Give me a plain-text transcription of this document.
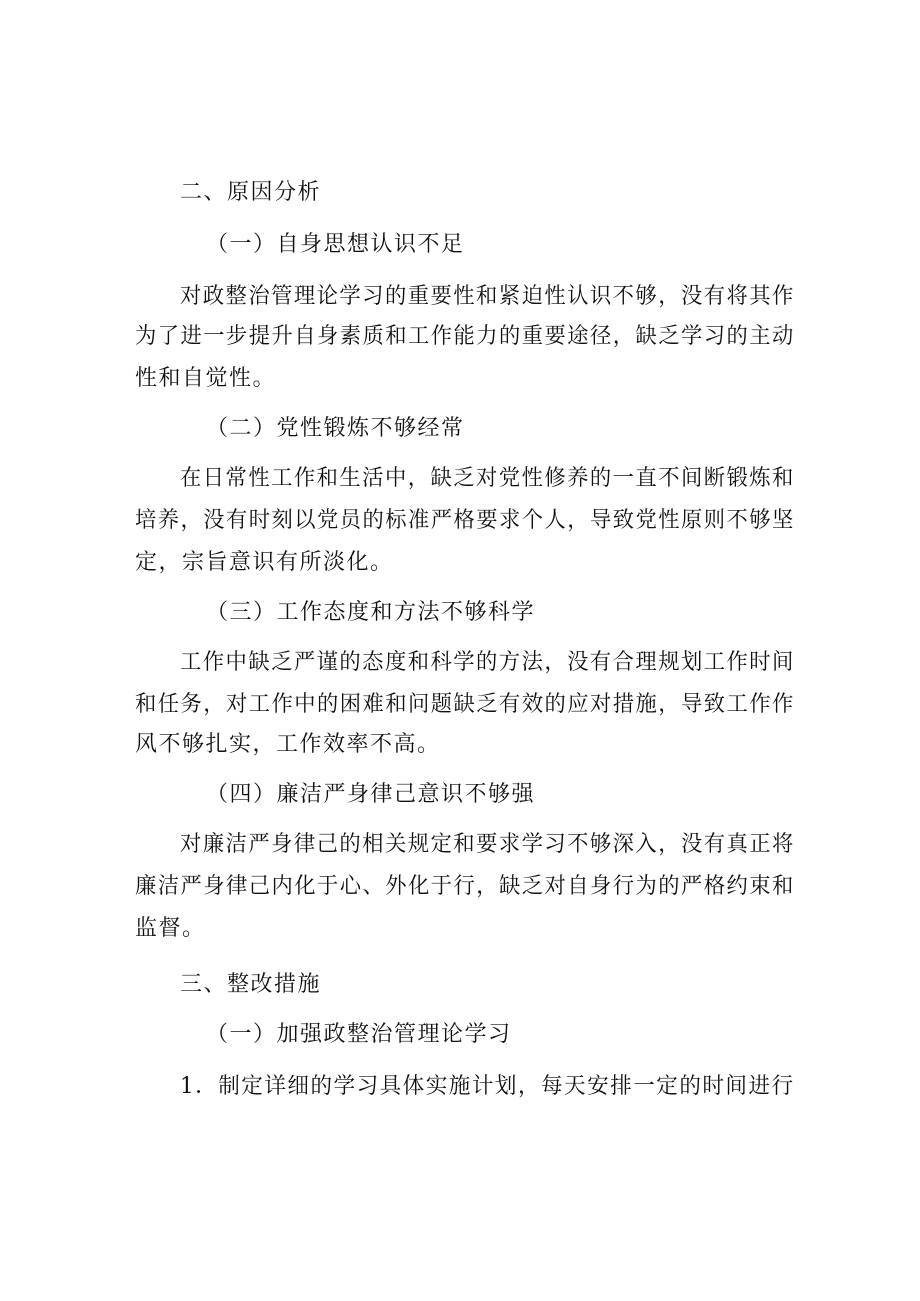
二、原因分析
（一）自身思想认识不足
对政整治管理论学习的重要性和紧迫性认识不够，没有将其作
为了进一步提升自身素质和工作能力的重要途径，缺乏学习的主动
性和自觉性。
（二）党性锻炼不够经常
在日常性工作和生活中，缺乏对党性修养的一直不间断锻炼和
培养，没有时刻以党员的标准严格要求个人，导致党性原则不够坚
定，宗旨意识有所淡化。
（三）工作态度和方法不够科学
工作中缺乏严谨的态度和科学的方法，没有合理规划工作时间
和任务，对工作中的困难和问题缺乏有效的应对措施，导致工作作
风不够扎实，工作效率不高。
（四）廉洁严身律己意识不够强
对廉洁严身律己的相关规定和要求学习不够深入，没有真正将
廉洁严身律己内化于心、外化于行，缺乏对自身行为的严格约束和
监督。
三、整改措施
（一）加强政整治管理论学习
1．制定详细的学习具体实施计划，每天安排一定的时间进行
